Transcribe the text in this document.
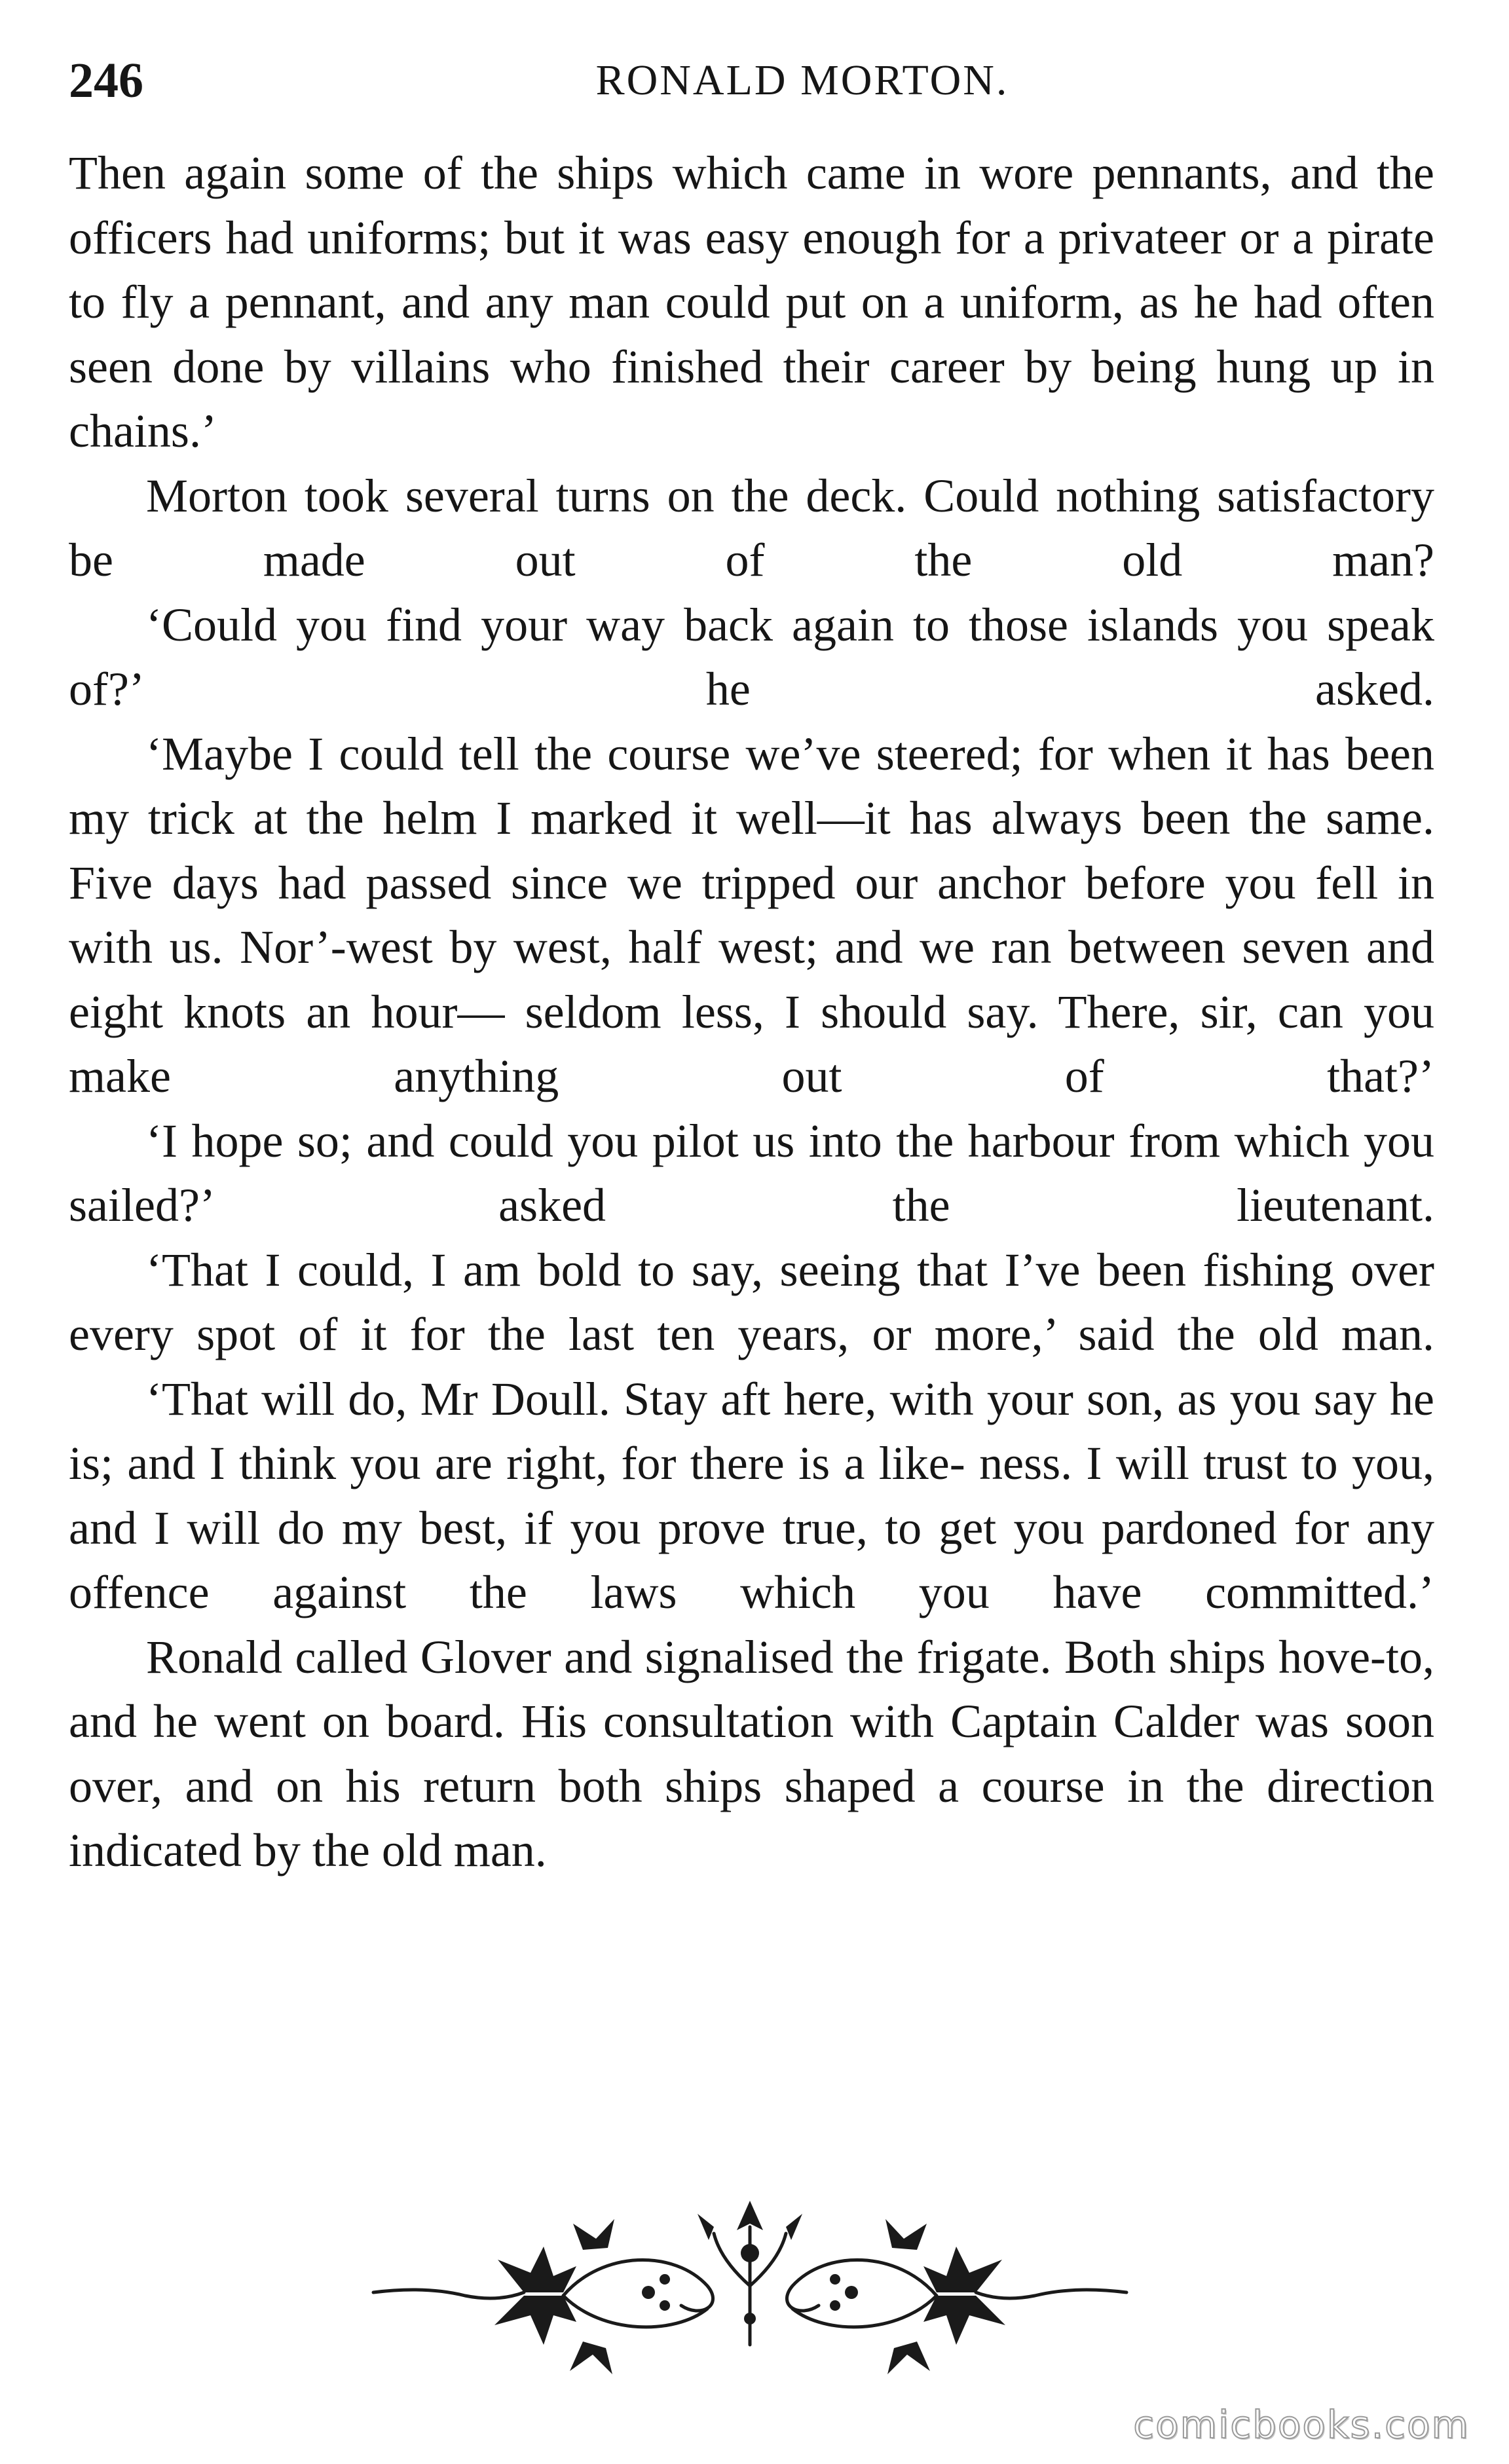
246	RONALD MORTON.

Then again some of the ships which came in wore pennants, and the officers had uniforms; but it was easy enough for a privateer or a pirate to fly a pennant, and any man could put on a uniform, as he had often seen done by villains who finished their career by being hung up in chains.’

Morton took several turns on the deck. Could nothing satisfactory be made out of the old man?

‘Could you find your way back again to those islands you speak of?’ he asked.

‘Maybe I could tell the course we’ve steered; for when it has been my trick at the helm I marked it well—it has always been the same. Five days had passed since we tripped our anchor before you fell in with us. Nor’-west by west, half west; and we ran between seven and eight knots an hour— seldom less, I should say. There, sir, can you make anything	out of that?’

‘I hope so; and could you pilot us into the harbour from which you sailed?’ asked the lieutenant.

‘That I could, I am bold to say, seeing that I’ve been fishing over every spot of it for the last ten years, or more,’ said the old man.

‘That will do, Mr Doull. Stay aft here, with your son, as you say he is; and I think you are right, for there is a like- ness. I will trust to you, and I will do my best, if you prove true, to get you pardoned for any offence against the laws which you have committed.’

Ronald called Glover and signalised the frigate. Both ships hove-to, and he went on board. His consultation with Captain Calder was soon over, and on his return both ships shaped a course in the direction indicated by the old man.

comicbooks.com
